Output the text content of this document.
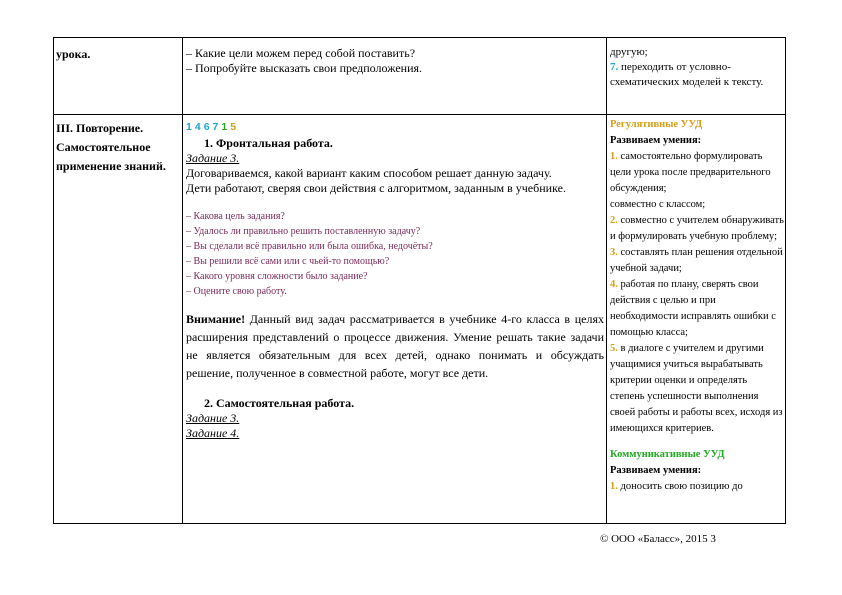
урока.	– Какие цели можем перед собой поставить?

– Попробуйте высказать свои предположения.

другую;

7. переходить от условно-схематических моделей к тексту.

III. Повторение. Самостоятельное применение знаний.
1 4 6 7 1 5

1. Фронтальная работа.

Задание 3.

Договариваемся, какой вариант каким способом решает данную задачу.

Дети работают, сверяя свои действия с алгоритмом, заданным в учебнике.

– Какова цель задания?

– Удалось ли правильно решить поставленную задачу?

– Вы сделали всё правильно или была ошибка, недочёты?

– Вы решили всё сами или с чьей-то помощью?

– Какого уровня сложности было задание?

– Оцените свою работу.

Внимание! Данный вид задач рассматривается в учебнике 4-го класса в целях расширения представлений о процессе движения. Умение решать такие задачи не является обязательным для всех детей, однако понимать и обсуждать решение, полученное в совместной работе, могут все дети.

2. Самостоятельная работа.

Задание 3.

Задание 4.

Регулятивные УУД

Развиваем умения:

1. самостоятельно формулировать цели урока после предварительного обсуждения;

совместно с классом;

2. совместно с учителем обнаруживать и формулировать учебную проблему;

3. составлять план решения отдельной учебной задачи;

4. работая по плану, сверять свои действия с целью и при необходимости исправлять ошибки с помощью класса;

5. в диалоге с учителем и другими учащимися учиться вырабатывать критерии оценки и определять степень успешности выполнения своей работы и работы всех, исходя из имеющихся критериев.

Коммуникативные УУД

Развиваем умения:

1. доносить свою позицию до

© ООО «Баласс», 2015 3
